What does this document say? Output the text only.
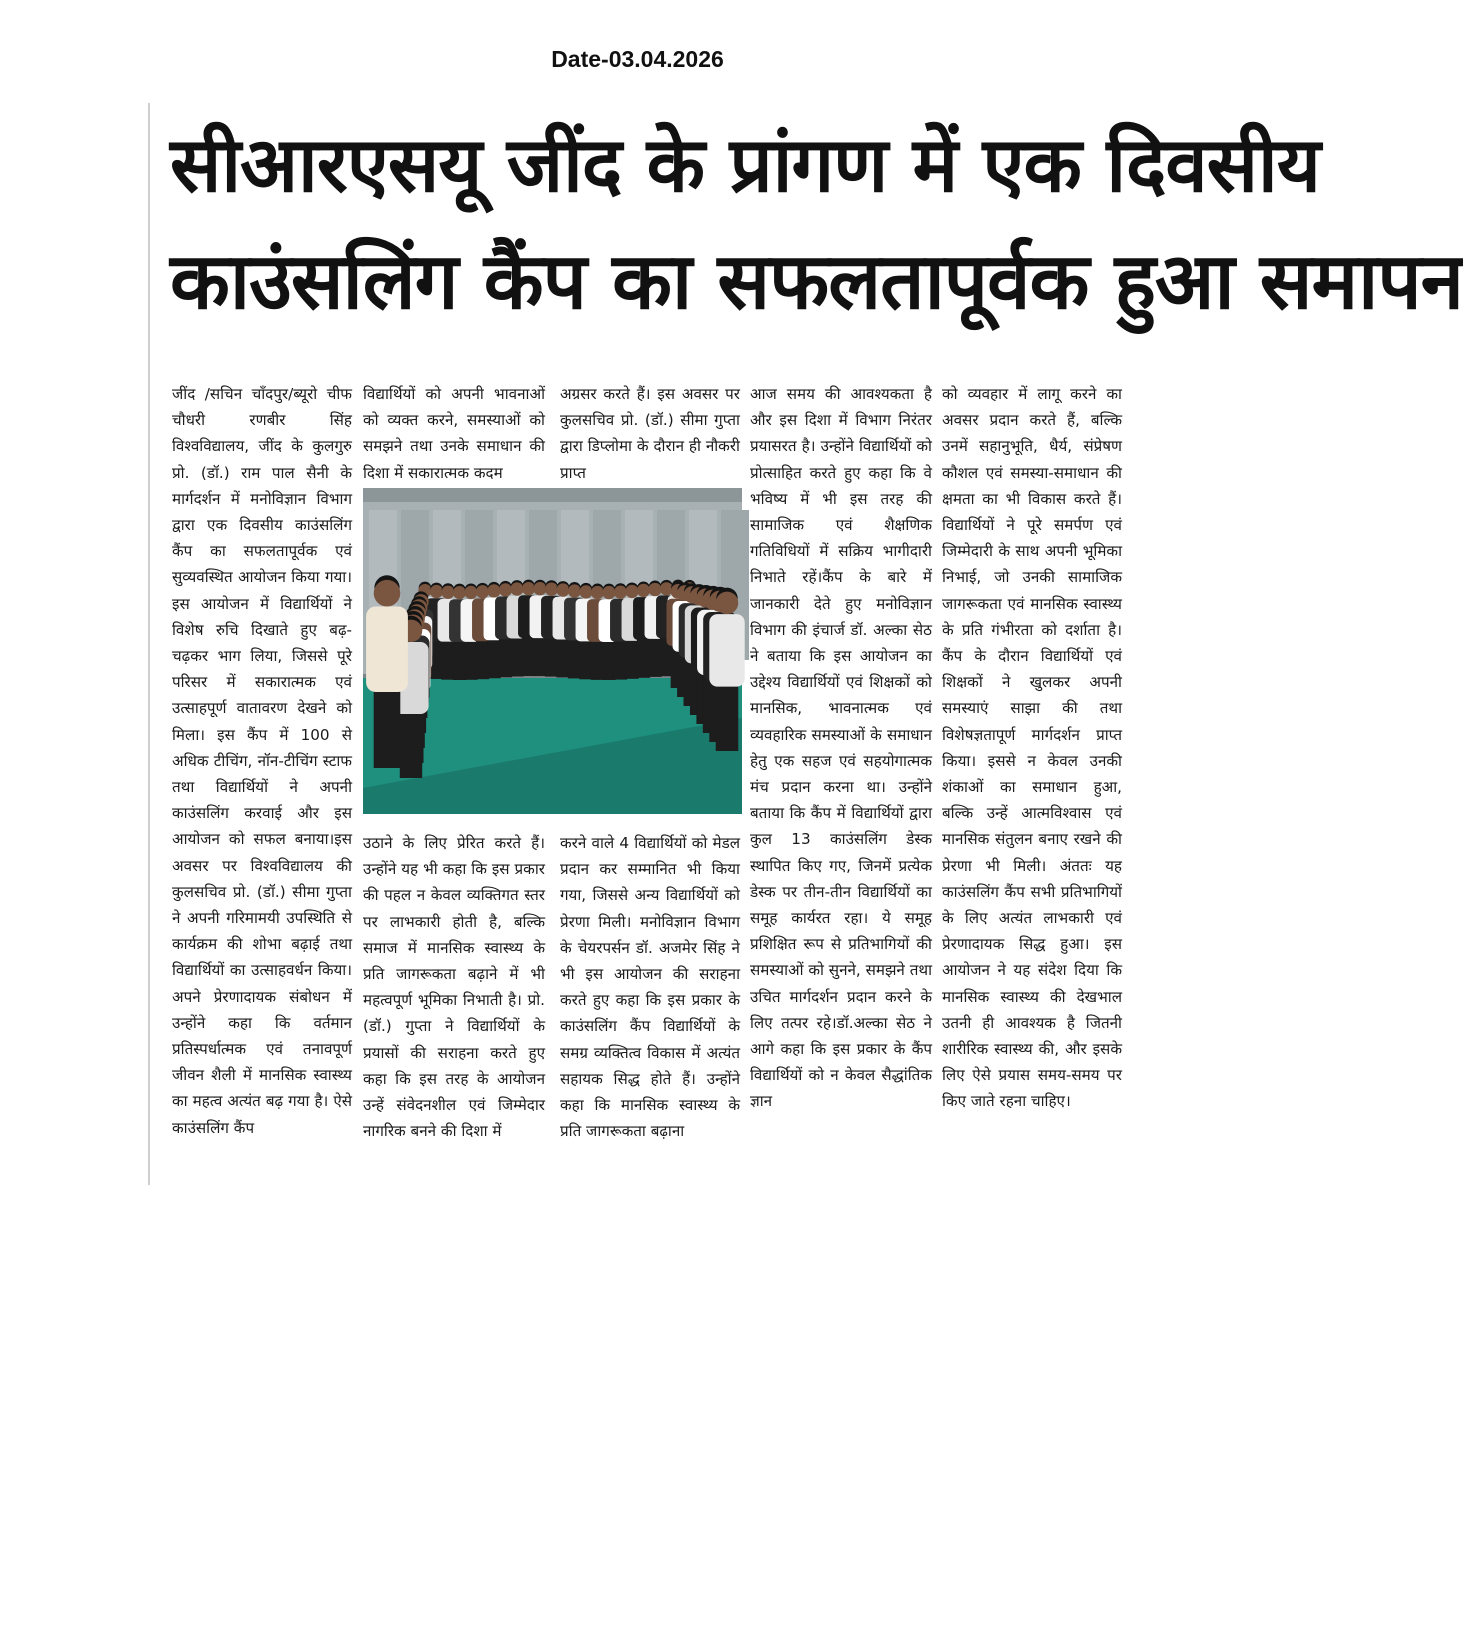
Date-03.04.2026
सीआरएसयू जींद के प्रांगण में एक दिवसीय
काउंसलिंग कैंप का सफलतापूर्वक हुआ समापन
जींद /सचिन चाँदपुर/ब्यूरो चीफ चौधरी रणबीर सिंह विश्वविद्यालय, जींद के कुलगुरु प्रो. (डॉ.) राम पाल सैनी के मार्गदर्शन में मनोविज्ञान विभाग द्वारा एक दिवसीय काउंसलिंग कैंप का सफलतापूर्वक एवं सुव्यवस्थित आयोजन किया गया। इस आयोजन में विद्यार्थियों ने विशेष रुचि दिखाते हुए बढ़-चढ़कर भाग लिया, जिससे पूरे परिसर में सकारात्मक एवं उत्साहपूर्ण वातावरण देखने को मिला। इस कैंप में 100 से अधिक टीचिंग, नॉन-टीचिंग स्टाफ तथा विद्यार्थियों ने अपनी काउंसलिंग करवाई और इस आयोजन को सफल बनाया।इस अवसर पर विश्वविद्यालय की कुलसचिव प्रो. (डॉ.) सीमा गुप्ता ने अपनी गरिमामयी उपस्थिति से कार्यक्रम की शोभा बढ़ाई तथा विद्यार्थियों का उत्साहवर्धन किया। अपने प्रेरणादायक संबोधन में उन्होंने कहा कि वर्तमान प्रतिस्पर्धात्मक एवं तनावपूर्ण जीवन शैली में मानसिक स्वास्थ्य का महत्व अत्यंत बढ़ गया है। ऐसे काउंसलिंग कैंप
विद्यार्थियों को अपनी भावनाओं को व्यक्त करने, समस्याओं को समझने तथा उनके समाधान की दिशा में सकारात्मक कदम
अग्रसर करते हैं। इस अवसर पर कुलसचिव प्रो. (डॉ.) सीमा गुप्ता द्वारा डिप्लोमा के दौरान ही नौकरी प्राप्त
उठाने के लिए प्रेरित करते हैं। उन्होंने यह भी कहा कि इस प्रकार की पहल न केवल व्यक्तिगत स्तर पर लाभकारी होती है, बल्कि समाज में मानसिक स्वास्थ्य के प्रति जागरूकता बढ़ाने में भी महत्वपूर्ण भूमिका निभाती है। प्रो. (डॉ.) गुप्ता ने विद्यार्थियों के प्रयासों की सराहना करते हुए कहा कि इस तरह के आयोजन उन्हें संवेदनशील एवं जिम्मेदार नागरिक बनने की दिशा में
करने वाले 4 विद्यार्थियों को मेडल प्रदान कर सम्मानित भी किया गया, जिससे अन्य विद्यार्थियों को प्रेरणा मिली। मनोविज्ञान विभाग के चेयरपर्सन डॉ. अजमेर सिंह ने भी इस आयोजन की सराहना करते हुए कहा कि इस प्रकार के काउंसलिंग कैंप विद्यार्थियों के समग्र व्यक्तित्व विकास में अत्यंत सहायक सिद्ध होते हैं। उन्होंने कहा कि मानसिक स्वास्थ्य के प्रति जागरूकता बढ़ाना
आज समय की आवश्यकता है और इस दिशा में विभाग निरंतर प्रयासरत है। उन्होंने विद्यार्थियों को प्रोत्साहित करते हुए कहा कि वे भविष्य में भी इस तरह की सामाजिक एवं शैक्षणिक गतिविधियों में सक्रिय भागीदारी निभाते रहें।कैंप के बारे में जानकारी देते हुए मनोविज्ञान विभाग की इंचार्ज डॉ. अल्का सेठ ने बताया कि इस आयोजन का उद्देश्य विद्यार्थियों एवं शिक्षकों को मानसिक, भावनात्मक एवं व्यवहारिक समस्याओं के समाधान हेतु एक सहज एवं सहयोगात्मक मंच प्रदान करना था। उन्होंने बताया कि कैंप में विद्यार्थियों द्वारा कुल 13 काउंसलिंग डेस्क स्थापित किए गए, जिनमें प्रत्येक डेस्क पर तीन-तीन विद्यार्थियों का समूह कार्यरत रहा। ये समूह प्रशिक्षित रूप से प्रतिभागियों की समस्याओं को सुनने, समझने तथा उचित मार्गदर्शन प्रदान करने के लिए तत्पर रहे।डॉ.अल्का सेठ ने आगे कहा कि इस प्रकार के कैंप विद्यार्थियों को न केवल सैद्धांतिक ज्ञान
को व्यवहार में लागू करने का अवसर प्रदान करते हैं, बल्कि उनमें सहानुभूति, धैर्य, संप्रेषण कौशल एवं समस्या-समाधान की क्षमता का भी विकास करते हैं। विद्यार्थियों ने पूरे समर्पण एवं जिम्मेदारी के साथ अपनी भूमिका निभाई, जो उनकी सामाजिक जागरूकता एवं मानसिक स्वास्थ्य के प्रति गंभीरता को दर्शाता है। कैंप के दौरान विद्यार्थियों एवं शिक्षकों ने खुलकर अपनी समस्याएं साझा की तथा विशेषज्ञतापूर्ण मार्गदर्शन प्राप्त किया। इससे न केवल उनकी शंकाओं का समाधान हुआ, बल्कि उन्हें आत्मविश्वास एवं मानसिक संतुलन बनाए रखने की प्रेरणा भी मिली। अंततः यह काउंसलिंग कैंप सभी प्रतिभागियों के लिए अत्यंत लाभकारी एवं प्रेरणादायक सिद्ध हुआ। इस आयोजन ने यह संदेश दिया कि मानसिक स्वास्थ्य की देखभाल उतनी ही आवश्यक है जितनी शारीरिक स्वास्थ्य की, और इसके लिए ऐसे प्रयास समय-समय पर किए जाते रहना चाहिए।
